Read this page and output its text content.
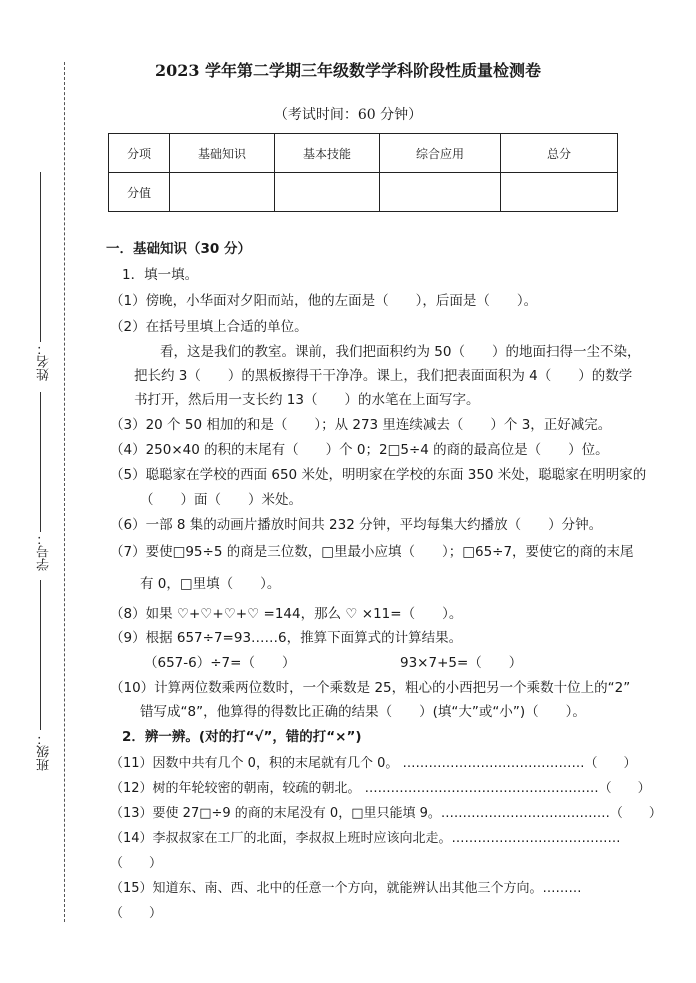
姓名：
学号：
班级：
2023 学年第二学期三年级数学学科阶段性质量检测卷
（考试时间：60 分钟）
分项	基础知识	基本技能	综合应用	总分
分值				
一．基础知识（30 分）
1．填一填。
（1）傍晚，小华面对夕阳而站，他的左面是（　　），后面是（　　）。
（2）在括号里填上合适的单位。
看，这是我们的教室。课前，我们把面积约为 50（　　）的地面扫得一尘不染，
把长约 3（　　）的黑板擦得干干净净。课上，我们把表面面积为 4（　　）的数学
书打开，然后用一支长约 13（　　）的水笔在上面写字。
（3）20 个 50 相加的和是（　　）；从 273 里连续减去（　　）个 3，正好减完。
（4）250×40 的积的末尾有（　　）个 0；2□5÷4 的商的最高位是（　　）位。
（5）聪聪家在学校的西面 650 米处，明明家在学校的东面 350 米处，聪聪家在明明家的
（　　）面（　　）米处。
（6）一部 8 集的动画片播放时间共 232 分钟，平均每集大约播放（　　）分钟。
（7）要使□95÷5 的商是三位数，□里最小应填（　　）；□65÷7，要使它的商的末尾
有 0，□里填（　　）。
（8）如果 ♡+♡+♡+♡ =144，那么 ♡ ×11=（　　）。
（9）根据 657÷7=93……6，推算下面算式的计算结果。
（657-6）÷7=（　　）	93×7+5=（　　）
（10）计算两位数乘两位数时，一个乘数是 25，粗心的小西把另一个乘数十位上的“2”
错写成“8”，他算得的得数比正确的结果（　　）(填“大”或“小”)（　　）。
2．辨一辨。(对的打“√”，错的打“×”)
（11）因数中共有几个 0，积的末尾就有几个 0。 ……………………………………（　　）
（12）树的年轮较密的朝南，较疏的朝北。 ………………………………………………（　　）
（13）要使 27□÷9 的商的末尾没有 0，□里只能填 9。…………………………………（　　）
（14）李叔叔家在工厂的北面，李叔叔上班时应该向北走。…………………………………
（　　）
（15）知道东、南、西、北中的任意一个方向，就能辨认出其他三个方向。………
（　　）
